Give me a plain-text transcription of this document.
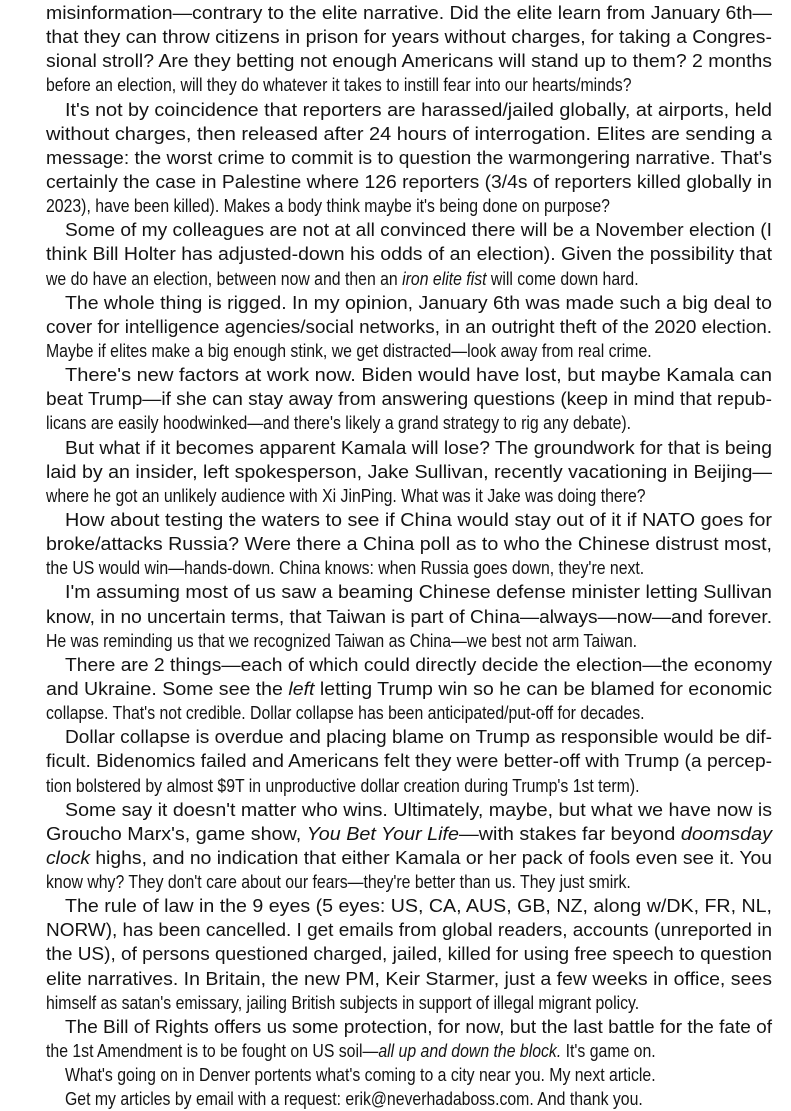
misinformation—contrary to the elite narrative. Did the elite learn from January 6th—
that they can throw citizens in prison for years without charges, for taking a Congres-
sional stroll? Are they betting not enough Americans will stand up to them? 2 months
before an election, will they do whatever it takes to instill fear into our hearts/minds?
It's not by coincidence that reporters are harassed/jailed globally, at airports, held
without charges, then released after 24 hours of interrogation. Elites are sending a
message: the worst crime to commit is to question the warmongering narrative. That's
certainly the case in Palestine where 126 reporters (3/4s of reporters killed globally in
2023), have been killed). Makes a body think maybe it's being done on purpose?
Some of my colleagues are not at all convinced there will be a November election (I
think Bill Holter has adjusted-down his odds of an election). Given the possibility that
we do have an election, between now and then an iron elite fist will come down hard.
The whole thing is rigged. In my opinion, January 6th was made such a big deal to
cover for intelligence agencies/social networks, in an outright theft of the 2020 election.
Maybe if elites make a big enough stink, we get distracted—look away from real crime.
There's new factors at work now. Biden would have lost, but maybe Kamala can
beat Trump—if she can stay away from answering questions (keep in mind that repub-
licans are easily hoodwinked—and there's likely a grand strategy to rig any debate).
But what if it becomes apparent Kamala will lose? The groundwork for that is being
laid by an insider, left spokesperson, Jake Sullivan, recently vacationing in Beijing—
where he got an unlikely audience with Xi JinPing. What was it Jake was doing there?
How about testing the waters to see if China would stay out of it if NATO goes for
broke/attacks Russia? Were there a China poll as to who the Chinese distrust most,
the US would win—hands-down. China knows: when Russia goes down, they're next.
I'm assuming most of us saw a beaming Chinese defense minister letting Sullivan
know, in no uncertain terms, that Taiwan is part of China—always—now—and forever.
He was reminding us that we recognized Taiwan as China—we best not arm Taiwan.
There are 2 things—each of which could directly decide the election—the economy
and Ukraine. Some see the left letting Trump win so he can be blamed for economic
collapse. That's not credible. Dollar collapse has been anticipated/put-off for decades.
Dollar collapse is overdue and placing blame on Trump as responsible would be dif-
ficult. Bidenomics failed and Americans felt they were better-off with Trump (a percep-
tion bolstered by almost $9T in unproductive dollar creation during Trump's 1st term).
Some say it doesn't matter who wins. Ultimately, maybe, but what we have now is
Groucho Marx's, game show, You Bet Your Life—with stakes far beyond doomsday
clock highs, and no indication that either Kamala or her pack of fools even see it. You
know why? They don't care about our fears—they're better than us. They just smirk.
The rule of law in the 9 eyes (5 eyes: US, CA, AUS, GB, NZ, along w/DK, FR, NL,
NORW), has been cancelled. I get emails from global readers, accounts (unreported in
the US), of persons questioned charged, jailed, killed for using free speech to question
elite narratives. In Britain, the new PM, Keir Starmer, just a few weeks in office, sees
himself as satan's emissary, jailing British subjects in support of illegal migrant policy.
The Bill of Rights offers us some protection, for now, but the last battle for the fate of
the 1st Amendment is to be fought on US soil—all up and down the block. It's game on.
What's going on in Denver portents what's coming to a city near you. My next article.
Get my articles by email with a request: erik@neverhadaboss.com. And thank you.
